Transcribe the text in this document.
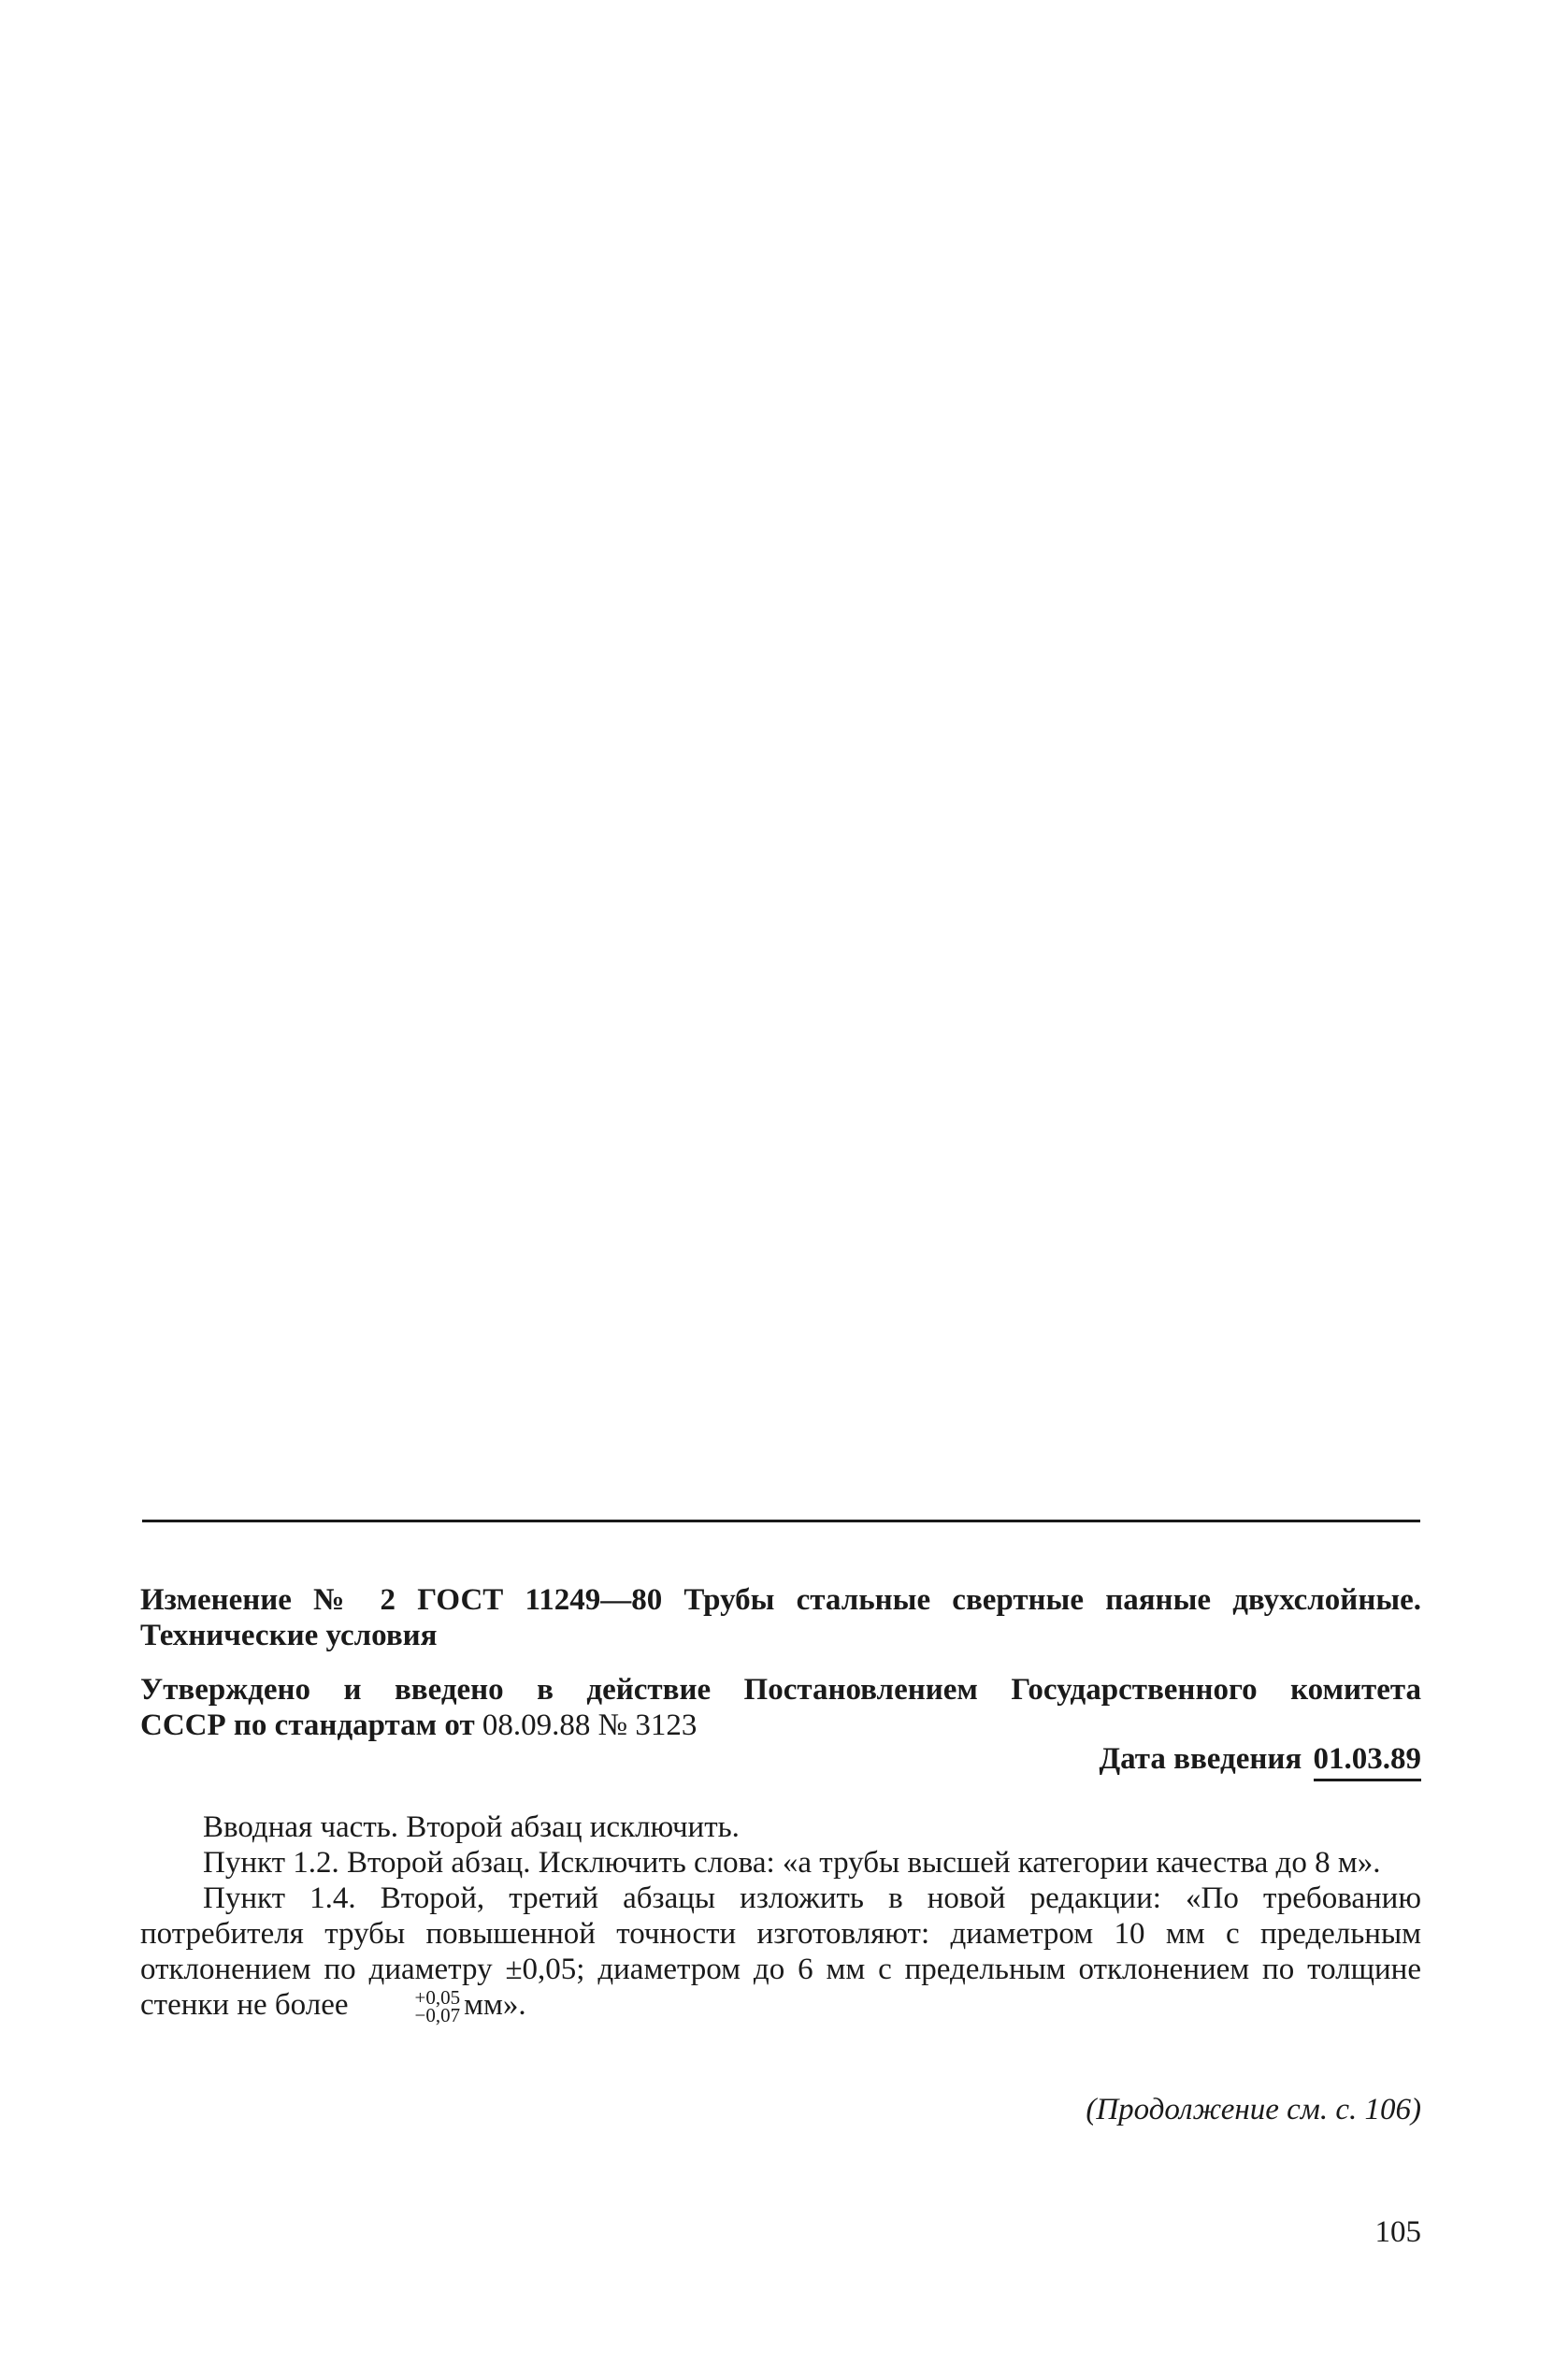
Изменение № 2 ГОСТ 11249—80 Трубы стальные свертные паяные двухслойные. Технические условия
Утверждено и введено в действие Постановлением Государственного комитета
СССР по стандартам от 08.09.88 № 3123
Дата введения 01.03.89

Вводная часть. Второй абзац исключить.

Пункт 1.2. Второй абзац. Исключить слова: «а трубы высшей категории качества до 8 м».

Пункт 1.4. Второй, третий абзацы изложить в новой редакции: «По требованию потребителя трубы повышенной точности изготовляют: диаметром 10 мм с предельным отклонением по диаметру ±0,05; диаметром до 6 мм с предельным отклонением по толщине стенки не более	+0,05
−0,07 мм».

(Продолжение см. с. 106)
105
